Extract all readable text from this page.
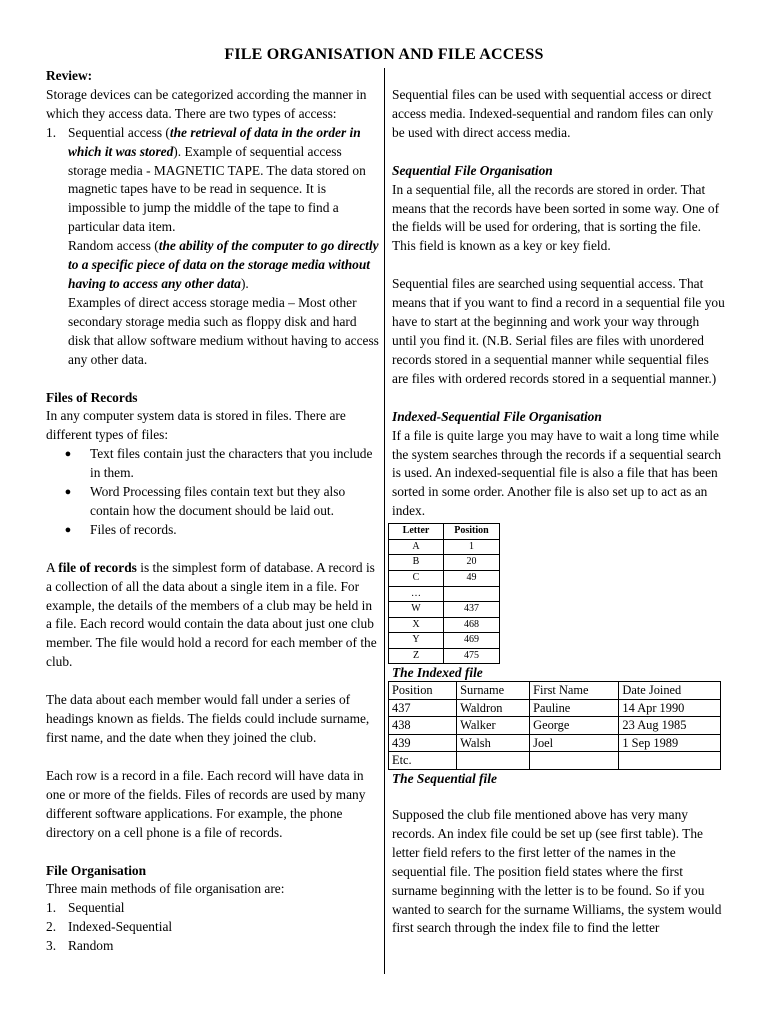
FILE ORGANISATION AND FILE ACCESS

Review:

Storage devices can be categorized according the manner in which they access data. There are two types of access:

1. Sequential access (the retrieval of data in the order in which it was stored). Example of sequential access storage media - MAGNETIC TAPE. The data stored on magnetic tapes have to be read in sequence. It is impossible to jump the middle of the tape to find a particular data item.

Random access (the ability of the computer to go directly to a specific piece of data on the storage media without having to access any other data).

Examples of direct access storage media – Most other secondary storage media such as floppy disk and hard disk that allow software medium without having to access any other data.

Files of Records

In any computer system data is stored in files. There are different types of files:

●	Text files contain just the characters that you include in them.
●	Word Processing files contain text but they also contain how the document should be laid out.
●	Files of records.

A file of records is the simplest form of database. A record is a collection of all the data about a single item in a file. For example, the details of the members of a club may be held in a file. Each record would contain the data about just one club member. The file would hold a record for each member of the club.

The data about each member would fall under a series of headings known as fields. The fields could include surname, first name, and the date when they joined the club.

Each row is a record in a file. Each record will have data in one or more of the fields. Files of records are used by many different software applications. For example, the phone directory on a cell phone is a file of records.

File Organisation

Three main methods of file organisation are:

1. Sequential
2. Indexed-Sequential
3. Random

Sequential files can be used with sequential access or direct access media. Indexed-sequential and random files can only be used with direct access media.

Sequential File Organisation

In a sequential file, all the records are stored in order. That means that the records have been sorted in some way. One of the fields will be used for ordering, that is sorting the file. This field is known as a key or key field.

Sequential files are searched using sequential access. That means that if you want to find a record in a sequential file you have to start at the beginning and work your way through until you find it. (N.B. Serial files are files with unordered records stored in a sequential manner while sequential files are files with ordered records stored in a sequential manner.)

Indexed-Sequential File Organisation

If a file is quite large you may have to wait a long time while the system searches through the records if a sequential search is used. An indexed-sequential file is also a file that has been sorted in some order. Another file is also set up to act as an index.

Letter	Position
A	1
B	20
C	49
…	
W	437
X	468
Y	469
Z	475

The Indexed file

Position	Surname	First Name	Date Joined
437	Waldron	Pauline	14 Apr 1990
438	Walker	George	23 Aug 1985
439	Walsh	Joel	1 Sep 1989
Etc.			

The Sequential file

Supposed the club file mentioned above has very many records. An index file could be set up (see first table). The letter field refers to the first letter of the names in the sequential file. The position field states where the first surname beginning with the letter is to be found. So if you wanted to search for the surname Williams, the system would first search through the index file to find the letter
